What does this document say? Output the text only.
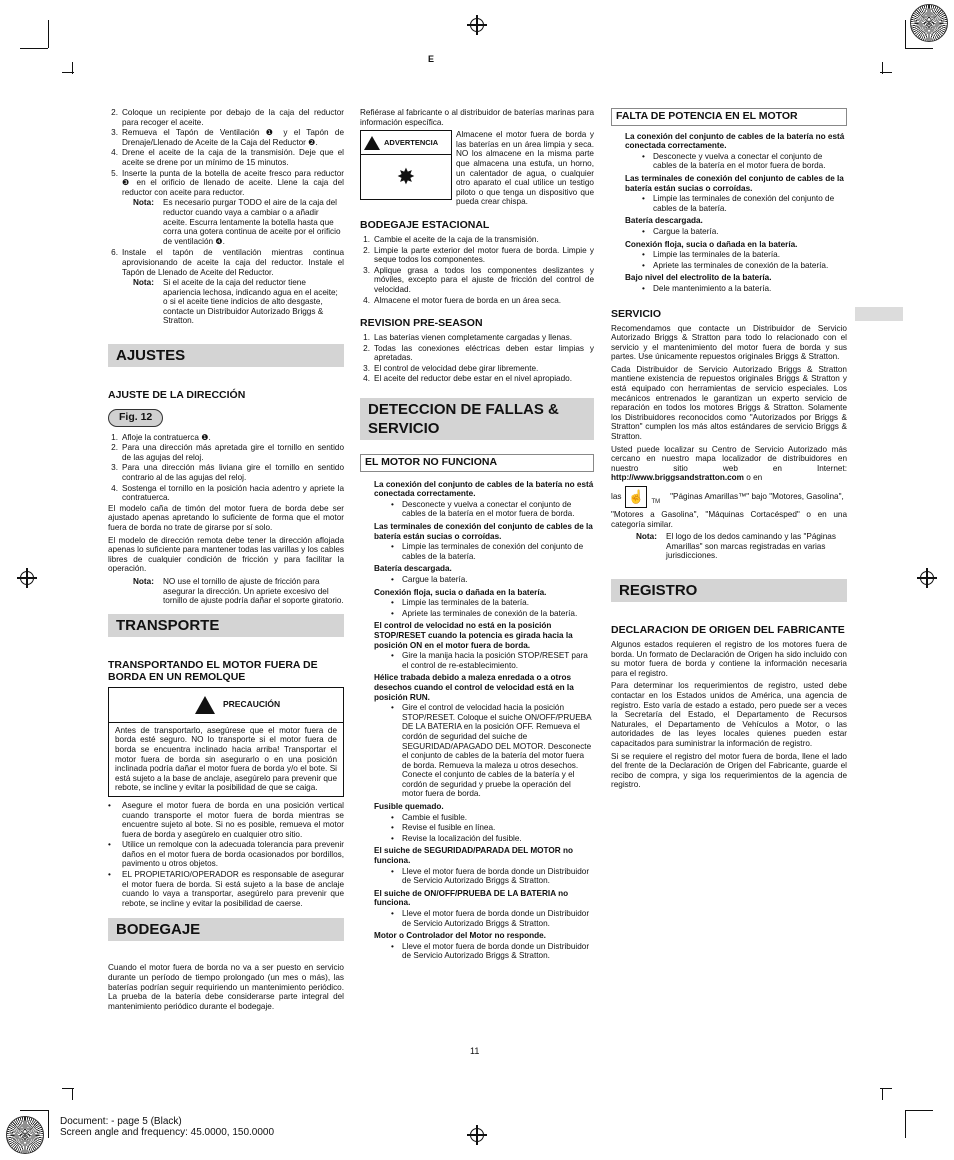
E
2. Coloque un recipiente por debajo de la caja del reductor para recoger el aceite.
3. Remueva el Tapón de Ventilación ❶ y el Tapón de Drenaje/Llenado de Aceite de la Caja del Reductor ❷.
4. Drene el aceite de la caja de la transmisión. Deje que el aceite se drene por un mínimo de 15 minutos.
5. Inserte la punta de la botella de aceite fresco para reductor ❸ en el orificio de llenado de aceite. Llene la caja del reductor con aceite para reductor.
Nota:	Es necesario purgar TODO el aire de la caja del reductor cuando vaya a cambiar o a añadir aceite. Escurra lentamente la botella hasta que corra una gotera continua de aceite por el orificio de ventilación ❹.
6. Instale el tapón de ventilación mientras continua aprovisionando de aceite la caja del reductor. Instale el Tapón de Llenado de Aceite del Reductor.
Nota:	Si el aceite de la caja del reductor tiene apariencia lechosa, indicando agua en el aceite; o si el aceite tiene indicios de alto desgaste, contacte un Distribuidor Autorizado Briggs & Stratton.
AJUSTES
AJUSTE DE LA DIRECCIÓN
Fig. 12
1. Afloje la contratuerca ❶.
2. Para una dirección más apretada gire el tornillo en sentido de las agujas del reloj.
3. Para una dirección más liviana gire el tornillo en sentido contrario al de las agujas del reloj.
4. Sostenga el tornillo en la posición hacia adentro y apriete la contratuerca.

El modelo caña de timón del motor fuera de borda debe ser ajustado apenas apretando lo suficiente de forma que el motor fuera de borda no trate de girarse por sí solo.

El modelo de dirección remota debe tener la dirección aflojada apenas lo suficiente para mantener todas las varillas y los cables libres de cualquier condición de fricción y para facilitar la operación.

Nota:	NO use el tornillo de ajuste de fricción para asegurar la dirección. Un apriete excesivo del tornillo de ajuste podría dañar el soporte giratorio.
TRANSPORTE
TRANSPORTANDO EL MOTOR FUERA DE BORDA EN UN REMOLQUE
PRECAUCIÓN
Antes de transportarlo, asegúrese que el motor fuera de borda esté seguro. NO lo transporte si el motor fuera de borda se encuentra inclinado hacia arriba! Transportar el motor fuera de borda sin asegurarlo o en una posición inclinada podría dañar el motor fuera de borda y/o el bote. Si está sujeto a la base de anclaje, asegúrelo para prevenir que rebote, se incline y evitar la posibilidad de que se caiga.
•	Asegure el motor fuera de borda en una posición vertical cuando transporte el motor fuera de borda mientras se encuentre sujeto al bote. Si no es posible, remueva el motor fuera de borda y asegúrelo en cualquier otro sitio.
•	Utilice un remolque con la adecuada tolerancia para prevenir daños en el motor fuera de borda ocasionados por bordillos, pavimento u otros objetos.
•	EL PROPIETARIO/OPERADOR es responsable de asegurar el motor fuera de borda. Si está sujeto a la base de anclaje cuando lo vaya a transportar, asegúrelo para prevenir que rebote, se incline y evitar la posibilidad de caerse.
BODEGAJE

Cuando el motor fuera de borda no va a ser puesto en servicio durante un período de tiempo prolongado (un mes o más), las baterías podrían seguir requiriendo un mantenimiento periódico. La prueba de la batería debe considerarse parte integral del mantenimiento periódico durante el bodegaje.

Refiérase al fabricante o al distribuidor de baterías marinas para información específica.

ADVERTENCIA
✸
Almacene el motor fuera de borda y las baterías en un área limpia y seca. NO los almacene en la misma parte que almacena una estufa, un horno, un calentador de agua, o cualquier otro aparato el cual utilice un testigo piloto o que tenga un dispositivo que pueda crear chispa.
BODEGAJE ESTACIONAL
1. Cambie el aceite de la caja de la transmisión.
2. Limpie la parte exterior del motor fuera de borda. Limpie y seque todos los componentes.
3. Aplique grasa a todos los componentes deslizantes y móviles, excepto para el ajuste de fricción del control de velocidad.
4. Almacene el motor fuera de borda en un área seca.
REVISION PRE-SEASON
1. Las baterías vienen completamente cargadas y llenas.
2. Todas las conexiones eléctricas deben estar limpias y apretadas.
3. El control de velocidad debe girar libremente.
4. El aceite del reductor debe estar en el nivel apropiado.
DETECCION DE FALLAS & SERVICIO
EL MOTOR NO FUNCIONA
La conexión del conjunto de cables de la batería no está conectada correctamente.
• Desconecte y vuelva a conectar el conjunto de cables de la batería en el motor fuera de borda.
Las terminales de conexión del conjunto de cables de la batería están sucias o corroídas.
• Limpie las terminales de conexión del conjunto de cables de la batería.
Batería descargada.
• Cargue la batería.
Conexión floja, sucia o dañada en la batería.
• Limpie las terminales de la batería.
• Apriete las terminales de conexión de la batería.
El control de velocidad no está en la posición STOP/RESET cuando la potencia es girada hacia la posición ON en el motor fuera de borda.
• Gire la manija hacia la posición STOP/RESET para el control de re-establecimiento.
Hélice trabada debido a maleza enredada o a otros desechos cuando el control de velocidad está en la posición RUN.
• Gire el control de velocidad hacia la posición STOP/RESET. Coloque el suiche ON/OFF/PRUEBA DE LA BATERIA en la posición OFF. Remueva el cordón de seguridad del suiche de SEGURIDAD/APAGADO DEL MOTOR. Desconecte el conjunto de cables de la batería del motor fuera de borda. Remueva la maleza u otros desechos. Conecte el conjunto de cables de la batería y el cordón de seguridad y pruebe la operación del motor fuera de borda.
Fusible quemado.
• Cambie el fusible.
• Revise el fusible en línea.
• Revise la localización del fusible.
El suiche de SEGURIDAD/PARADA DEL MOTOR no funciona.
• Lleve el motor fuera de borda donde un Distribuidor de Servicio Autorizado Briggs & Stratton.
El suiche de ON/OFF/PRUEBA DE LA BATERIA no funciona.
• Lleve el motor fuera de borda donde un Distribuidor de Servicio Autorizado Briggs & Stratton.
Motor o Controlador del Motor no responde.
• Lleve el motor fuera de borda donde un Distribuidor de Servicio Autorizado Briggs & Stratton.
FALTA DE POTENCIA EN EL MOTOR
La conexión del conjunto de cables de la batería no está conectada correctamente.
• Desconecte y vuelva a conectar el conjunto de cables de la batería en el motor fuera de borda.
Las terminales de conexión del conjunto de cables de la batería están sucias o corroídas.
• Limpie las terminales de conexión del conjunto de cables de la batería.
Batería descargada.
• Cargue la batería.
Conexión floja, sucia o dañada en la batería.
• Limpie las terminales de la batería.
• Apriete las terminales de conexión de la batería.
Bajo nivel del electrolito de la batería.
• Dele mantenimiento a la batería.
SERVICIO

Recomendamos que contacte un Distribuidor de Servicio Autorizado Briggs & Stratton para todo lo relacionado con el servicio y el mantenimiento del motor fuera de borda y sus partes. Use únicamente repuestos originales Briggs & Stratton.

Cada Distribuidor de Servicio Autorizado Briggs & Stratton mantiene existencia de repuestos originales Briggs & Stratton y está equipado con herramientas de servicio especiales. Los mecánicos entrenados le garantizan un experto servicio de reparación en todos los motores Briggs & Stratton. Solamente los Distribuidores reconocidos como "Autorizados por Briggs & Stratton" cumplen los más altos estándares de servicio Briggs & Stratton.

Usted puede localizar su Centro de Servicio Autorizado más cercano en nuestro mapa localizador de distribuidores en nuestro sitio web en Internet: http://www.briggsandstratton.com o en

las ☝	TM
"Páginas Amarillas™" bajo "Motores, Gasolina",

"Motores a Gasolina", "Máquinas Cortacésped" o en una categoría similar.

Nota:	El logo de los dedos caminando y las "Páginas Amarillas" son marcas registradas en varias jurisdicciones.
REGISTRO
DECLARACION DE ORIGEN DEL FABRICANTE

Algunos estados requieren el registro de los motores fuera de borda. Un formato de Declaración de Origen ha sido incluido con su motor fuera de borda y contiene la información necesaria para el registro.

Para determinar los requerimientos de registro, usted debe contactar en los Estados unidos de América, una agencia de registro. Esto varía de estado a estado, pero puede ser a veces la Secretaría del Estado, el Departamento de Recursos Naturales, el Departamento de Vehículos a Motor, o las autoridades de las leyes locales quienes pueden estar capacitados para suministrar la información de registro.

Si se requiere el registro del motor fuera de borda, llene el lado del frente de la Declaración de Origen del Fabricante, guarde el recibo de compra, y siga los requerimientos de la agencia de registro.

11
Document: - page 5 (Black)
Screen angle and frequency: 45.0000, 150.0000
